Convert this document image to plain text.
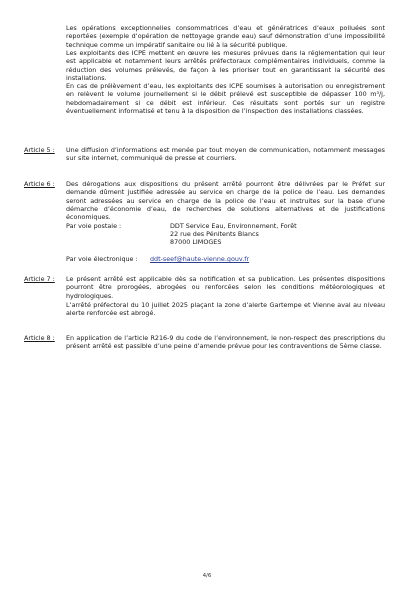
Les opérations exceptionnelles consommatrices d’eau et génératrices d’eaux polluées sont reportées (exemple d’opération de nettoyage grande eau) sauf démonstration d’une impossibilité technique comme un impératif sanitaire ou lié à la sécurité publique.

Les exploitants des ICPE mettent en œuvre les mesures prévues dans la réglementation qui leur est applicable et notamment leurs arrêtés préfectoraux complémentaires individuels, comme la réduction des volumes prélevés, de façon à les prioriser tout en garantissant la sécurité des installations.

En cas de prélèvement d’eau, les exploitants des ICPE soumises à autorisation ou enregistrement en relèvent le volume journellement si le débit prélevé est susceptible de dépasser 100 m³/j, hebdomadairement si ce débit est inférieur. Ces résultats sont portés sur un registre éventuellement informatisé et tenu à la disposition de l’inspection des installations classées.

Article 5 : Une diffusion d’informations est menée par tout moyen de communication, notamment messages sur site internet, communiqué de presse et courriers.

Article 6 : Des dérogations aux dispositions du présent arrêté pourront être délivrées par le Préfet sur demande dûment justifiée adressée au service en charge de la police de l’eau. Les demandes seront adressées au service en charge de la police de l’eau et instruites sur la base d’une démarche d’économie d’eau, de recherches de solutions alternatives et de justifications économiques.

Par voie postale :	DDT Service Eau, Environnement, Forêt
22 rue des Pénitents Blancs
87000 LIMOGES
Par voie électronique : ddt-seef@haute-vienne.gouv.fr
Article 7 : Le présent arrêté est applicable dès sa notification et sa publication. Les présentes dispositions pourront être prorogées, abrogées ou renforcées selon les conditions météorologiques et hydrologiques.

L’arrêté préfectoral du 10 juillet 2025 plaçant la zone d’alerte Gartempe et Vienne aval au niveau alerte renforcée est abrogé.

Article 8 : En application de l’article R216-9 du code de l’environnement, le non-respect des prescriptions du présent arrêté est passible d’une peine d’amende prévue pour les contraventions de 5ème classe.

4/6
